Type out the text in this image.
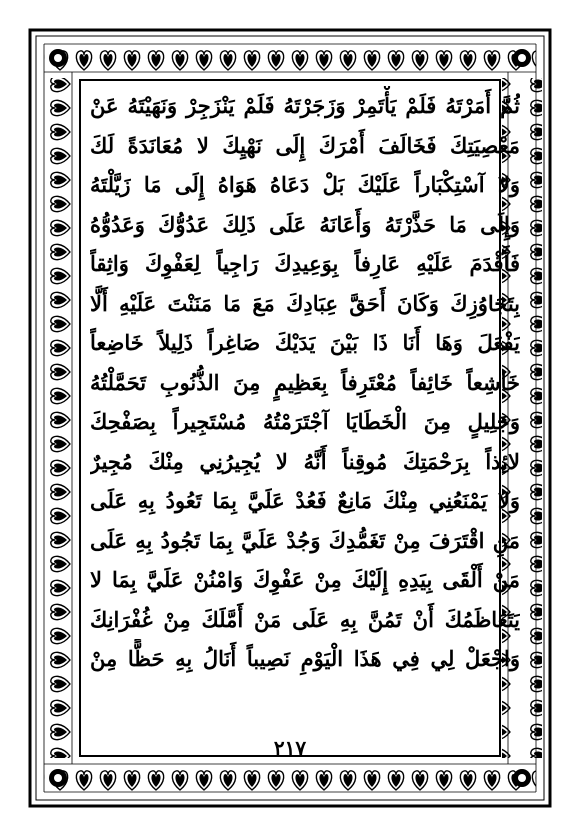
ثُمَّ أَمَرْتَهُ فَلَمْ يَأْتَمِرْ وَزَجَرْتَهُ فَلَمْ يَنْزَجِرْ وَنَهَيْتَهُ عَنْ
مَعْصِيَتِكَ فَخَالَفَ أَمْرَكَ إِلَى نَهْيِكَ لا مُعَانَدَةً لَكَ
وَلا آسْتِكْبَاراً عَلَيْكَ بَلْ دَعَاهُ هَوَاهُ إِلَى مَا زَيَّلْتَهُ
وَإِلَى مَا حَذَّرْتَهُ وَأَعَانَهُ عَلَى ذَلِكَ عَدُوُّكَ وَعَدُوُّهُ
فَأَقْدَمَ عَلَيْهِ عَارِفاً بِوَعِيدِكَ رَاجِياً لِعَفْوِكَ وَاثِقاً
بِتَجَاوُزِكَ وَكَانَ أَحَقَّ عِبَادِكَ مَعَ مَا مَنَنْتَ عَلَيْهِ أَلَّا
يَفْعَلَ وَهَا أَنَا ذَا بَيْنَ يَدَيْكَ صَاغِراً ذَلِيلاً خَاضِعاً
خَاشِعاً خَائِفاً مُعْتَرِفاً بِعَظِيمٍ مِنَ الذُّنُوبِ تَحَمَّلْتُهُ
وَجَلِيلٍ مِنَ الْخَطَايَا آجْتَرَمْتُهُ مُسْتَجِيراً بِصَفْحِكَ
لائِذاً بِرَحْمَتِكَ مُوقِناً أَنَّهُ لا يُجِيرُنِي مِنْكَ مُجِيرٌ
وَلا يَمْنَعُنِي مِنْكَ مَانِعٌ فَعُدْ عَلَيَّ بِمَا تَعُودُ بِهِ عَلَى
مَنِ اقْتَرَفَ مِنْ تَغَمُّدِكَ وَجُدْ عَلَيَّ بِمَا تَجُودُ بِهِ عَلَى
مَنْ أَلْقَى بِيَدِهِ إِلَيْكَ مِنْ عَفْوِكَ وَامْنُنْ عَلَيَّ بِمَا لا
يَتَعَاظَمُكَ أَنْ تَمُنَّ بِهِ عَلَى مَنْ أَمَّلَكَ مِنْ غُفْرَانِكَ
وَاجْعَلْ لِي فِي هَذَا الْيَوْمِ نَصِيباً أَنَالُ بِهِ حَظًّا مِنْ
٢١٧
